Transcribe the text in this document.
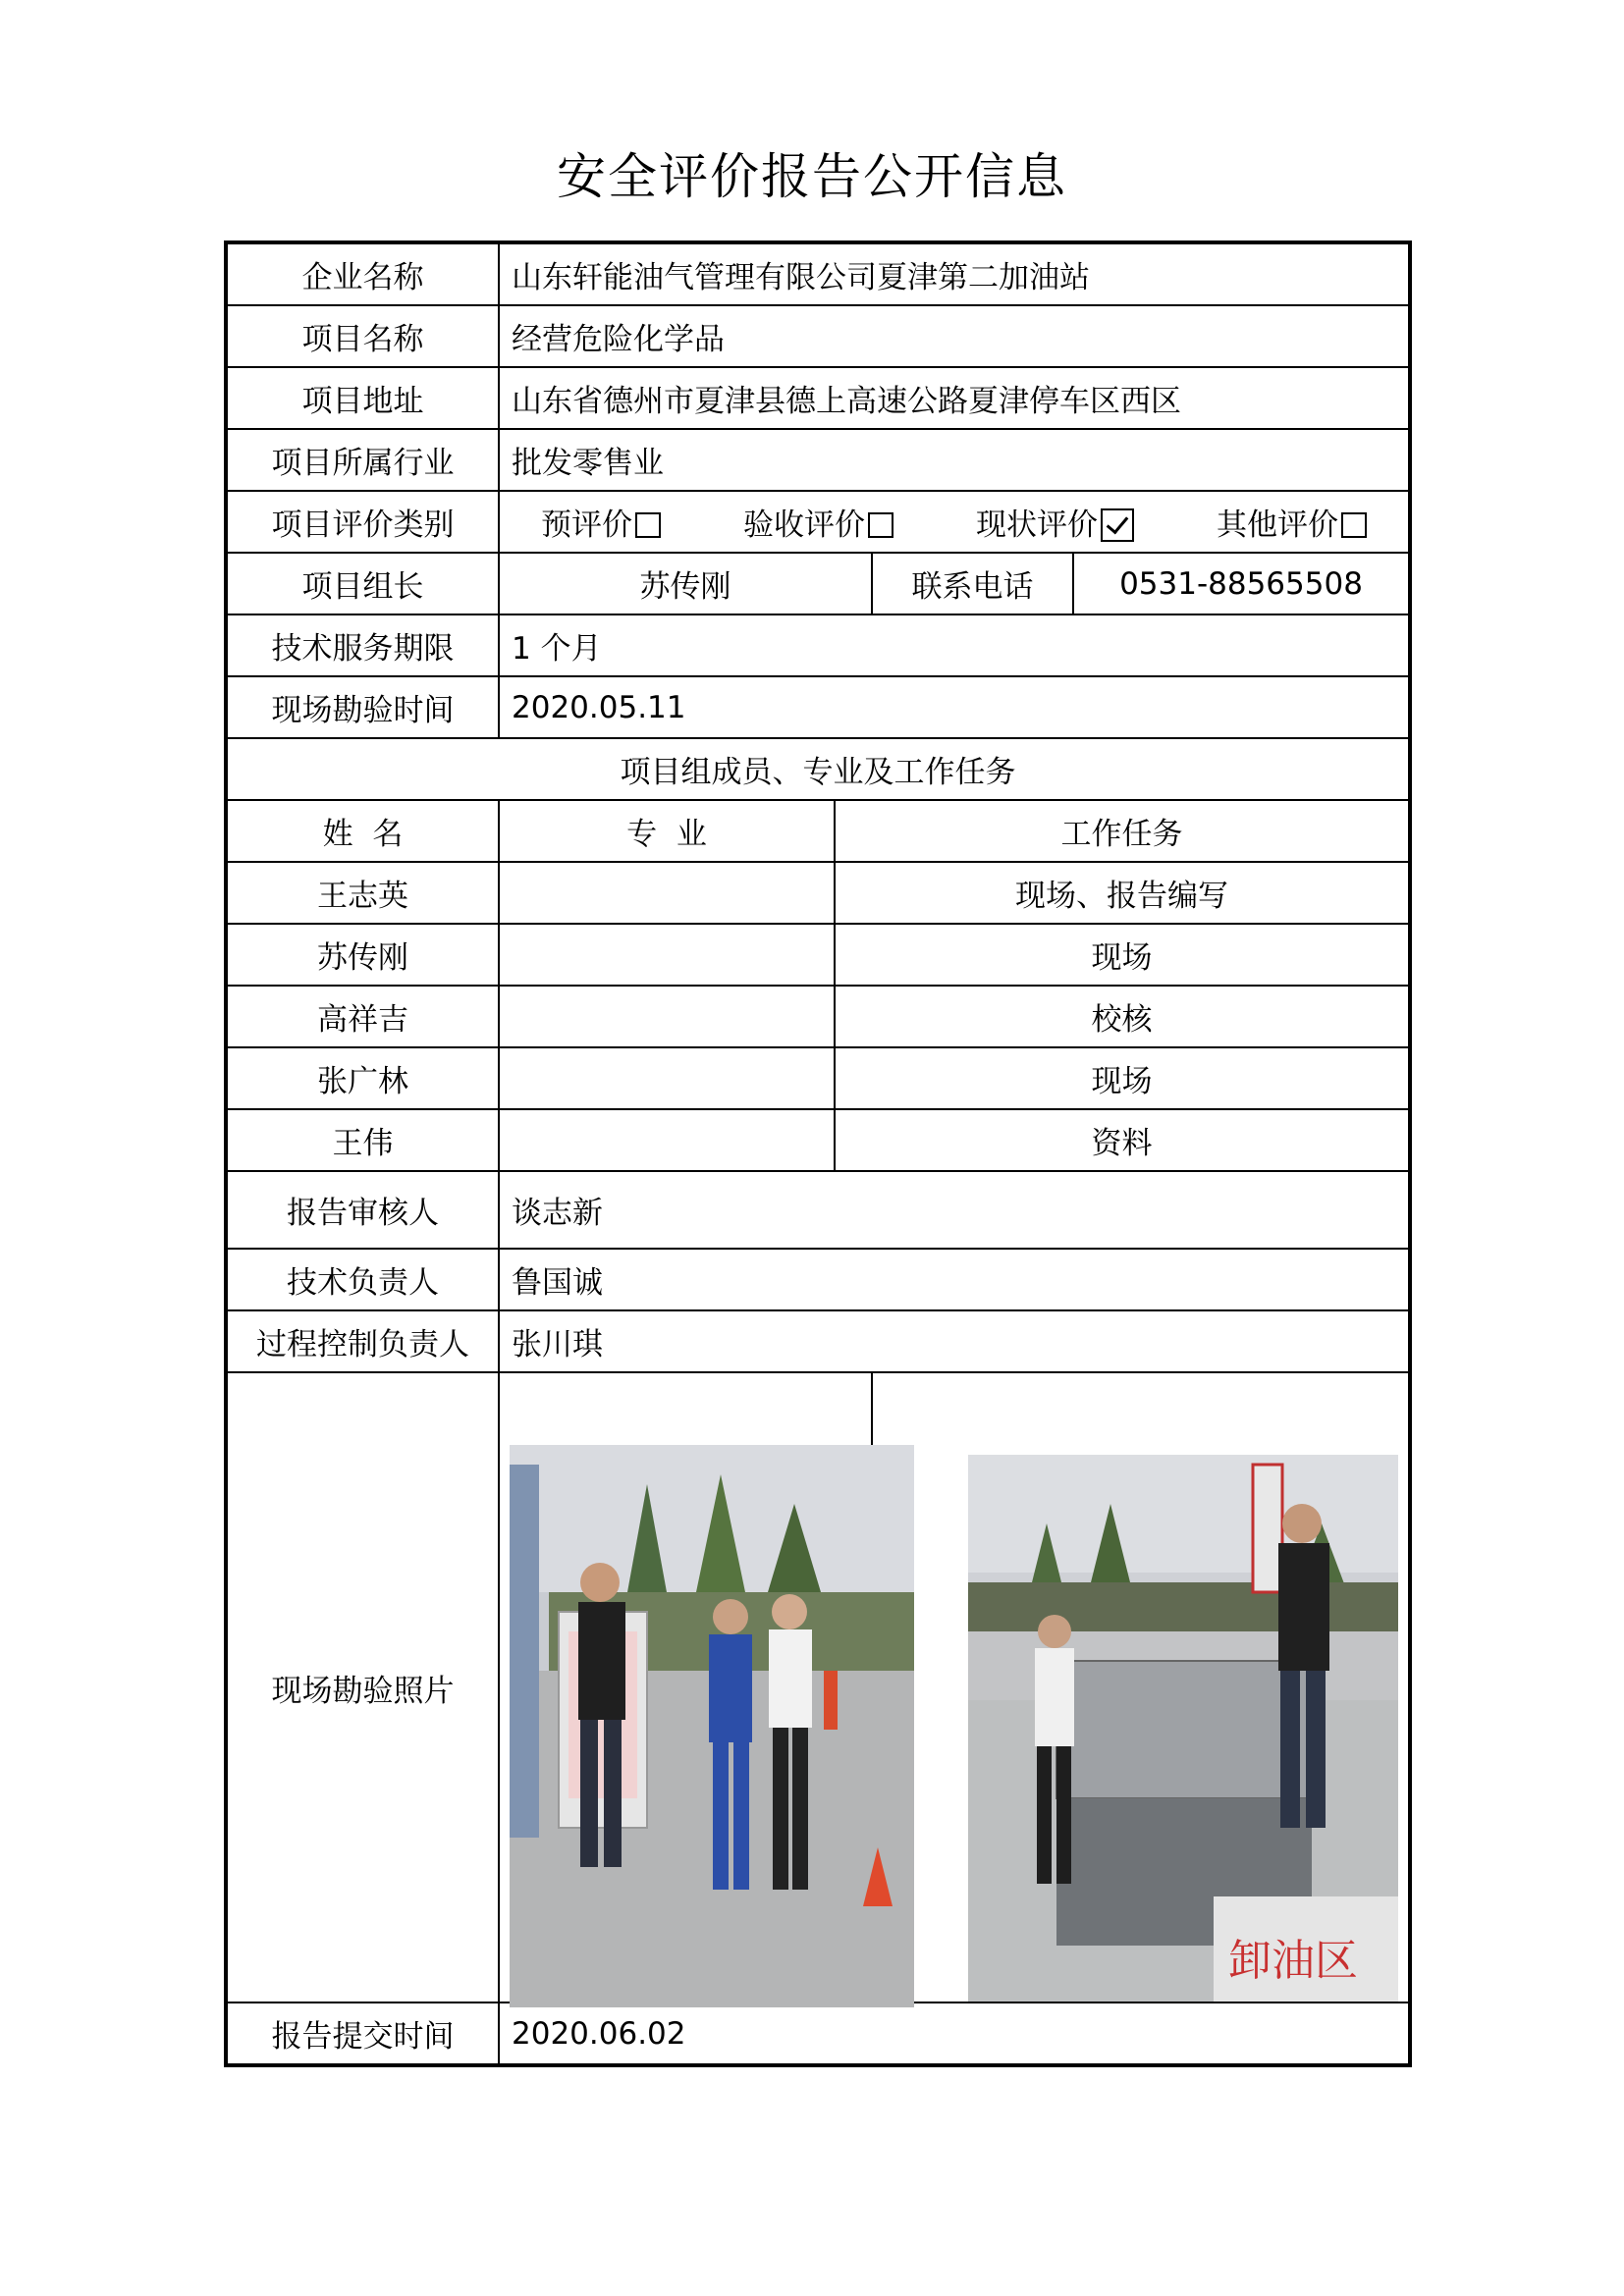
安全评价报告公开信息
企业名称	山东轩能油气管理有限公司夏津第二加油站			
项目名称	经营危险化学品			
项目地址	山东省德州市夏津县德上高速公路夏津停车区西区			
项目所属行业	批发零售业			
项目评价类别	预评价 验收评价 现状评价 其他评价			

项目组长	苏传刚		联系电话	0531-88565508
技术服务期限	1 个月			
现场勘验时间	2020.05.11			
项目组成员、专业及工作任务				
姓  名	专  业	工作任务		
王志英		现场、报告编写		
苏传刚		现场		
高祥吉		校核		
张广林		现场		
王伟		资料		
报告审核人	谈志新			
技术负责人	鲁国诚			
过程控制负责人	张川琪			
现场勘验照片				
报告提交时间	2020.06.02			
卸油区
